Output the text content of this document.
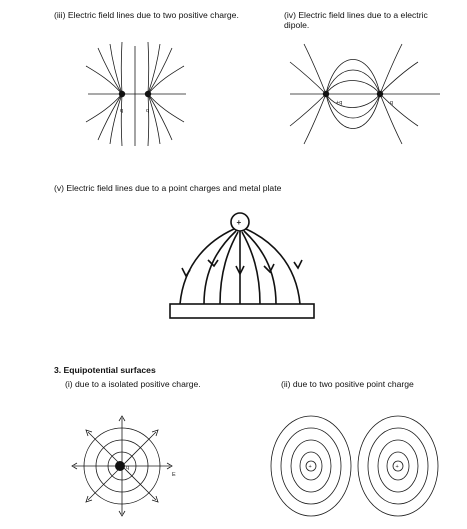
(iii) Electric field lines due to two positive charge.	(iv) Electric field lines due to a electric
dipole.
(v) Electric field lines due to a point charges and metal plate
3. Equipotential surfaces
(i) due to a isolated positive charge.	(ii) due to two positive point charge
q	q
+q	-q
+
q
E
+	+
